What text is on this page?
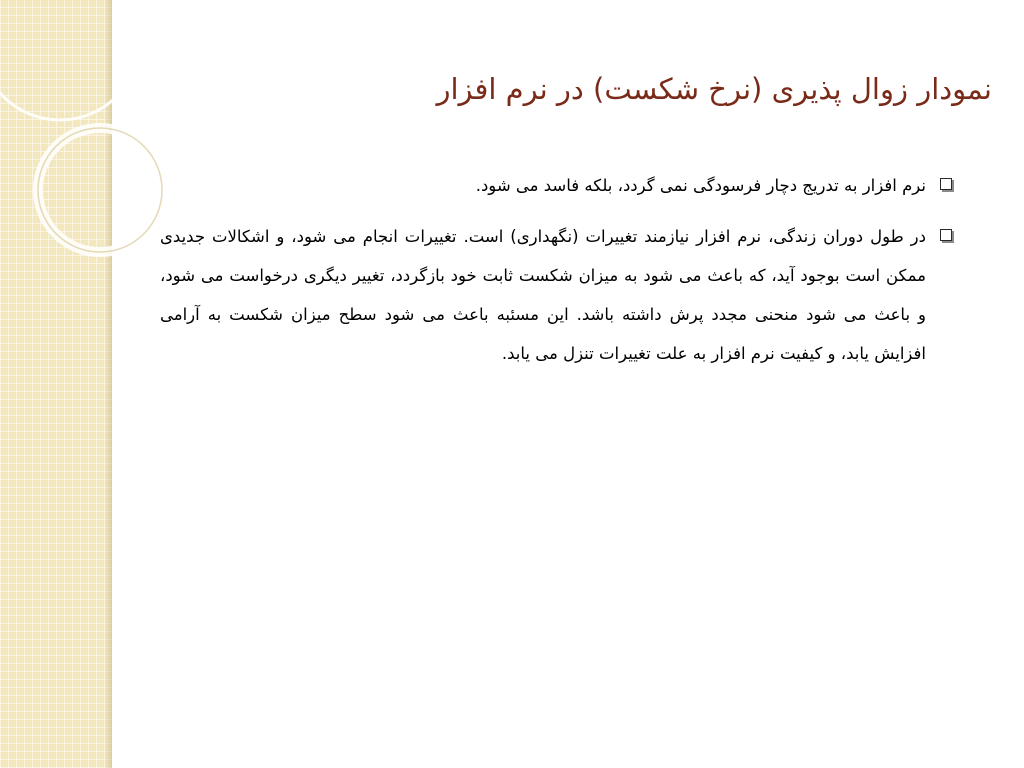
نمودار زوال پذیری (نرخ شکست) در نرم افزار
نرم افزار به تدریج دچار فرسودگی نمی گردد، بلکه فاسد می شود.
در طول دوران زندگی، نرم افزار نیازمند تغییرات (نگهداری) است. تغییرات انجام می شود، و اشکالات جدیدی ممکن است بوجود آید، که باعث می شود به میزان شکست ثابت خود بازگردد، تغییر دیگری درخواست می شود، و باعث می شود منحنی مجدد پرش داشته باشد. این مسئبه باعث می شود سطح میزان شکست به آرامی افزایش یابد، و کیفیت نرم افزار به علت تغییرات تنزل می یابد.
